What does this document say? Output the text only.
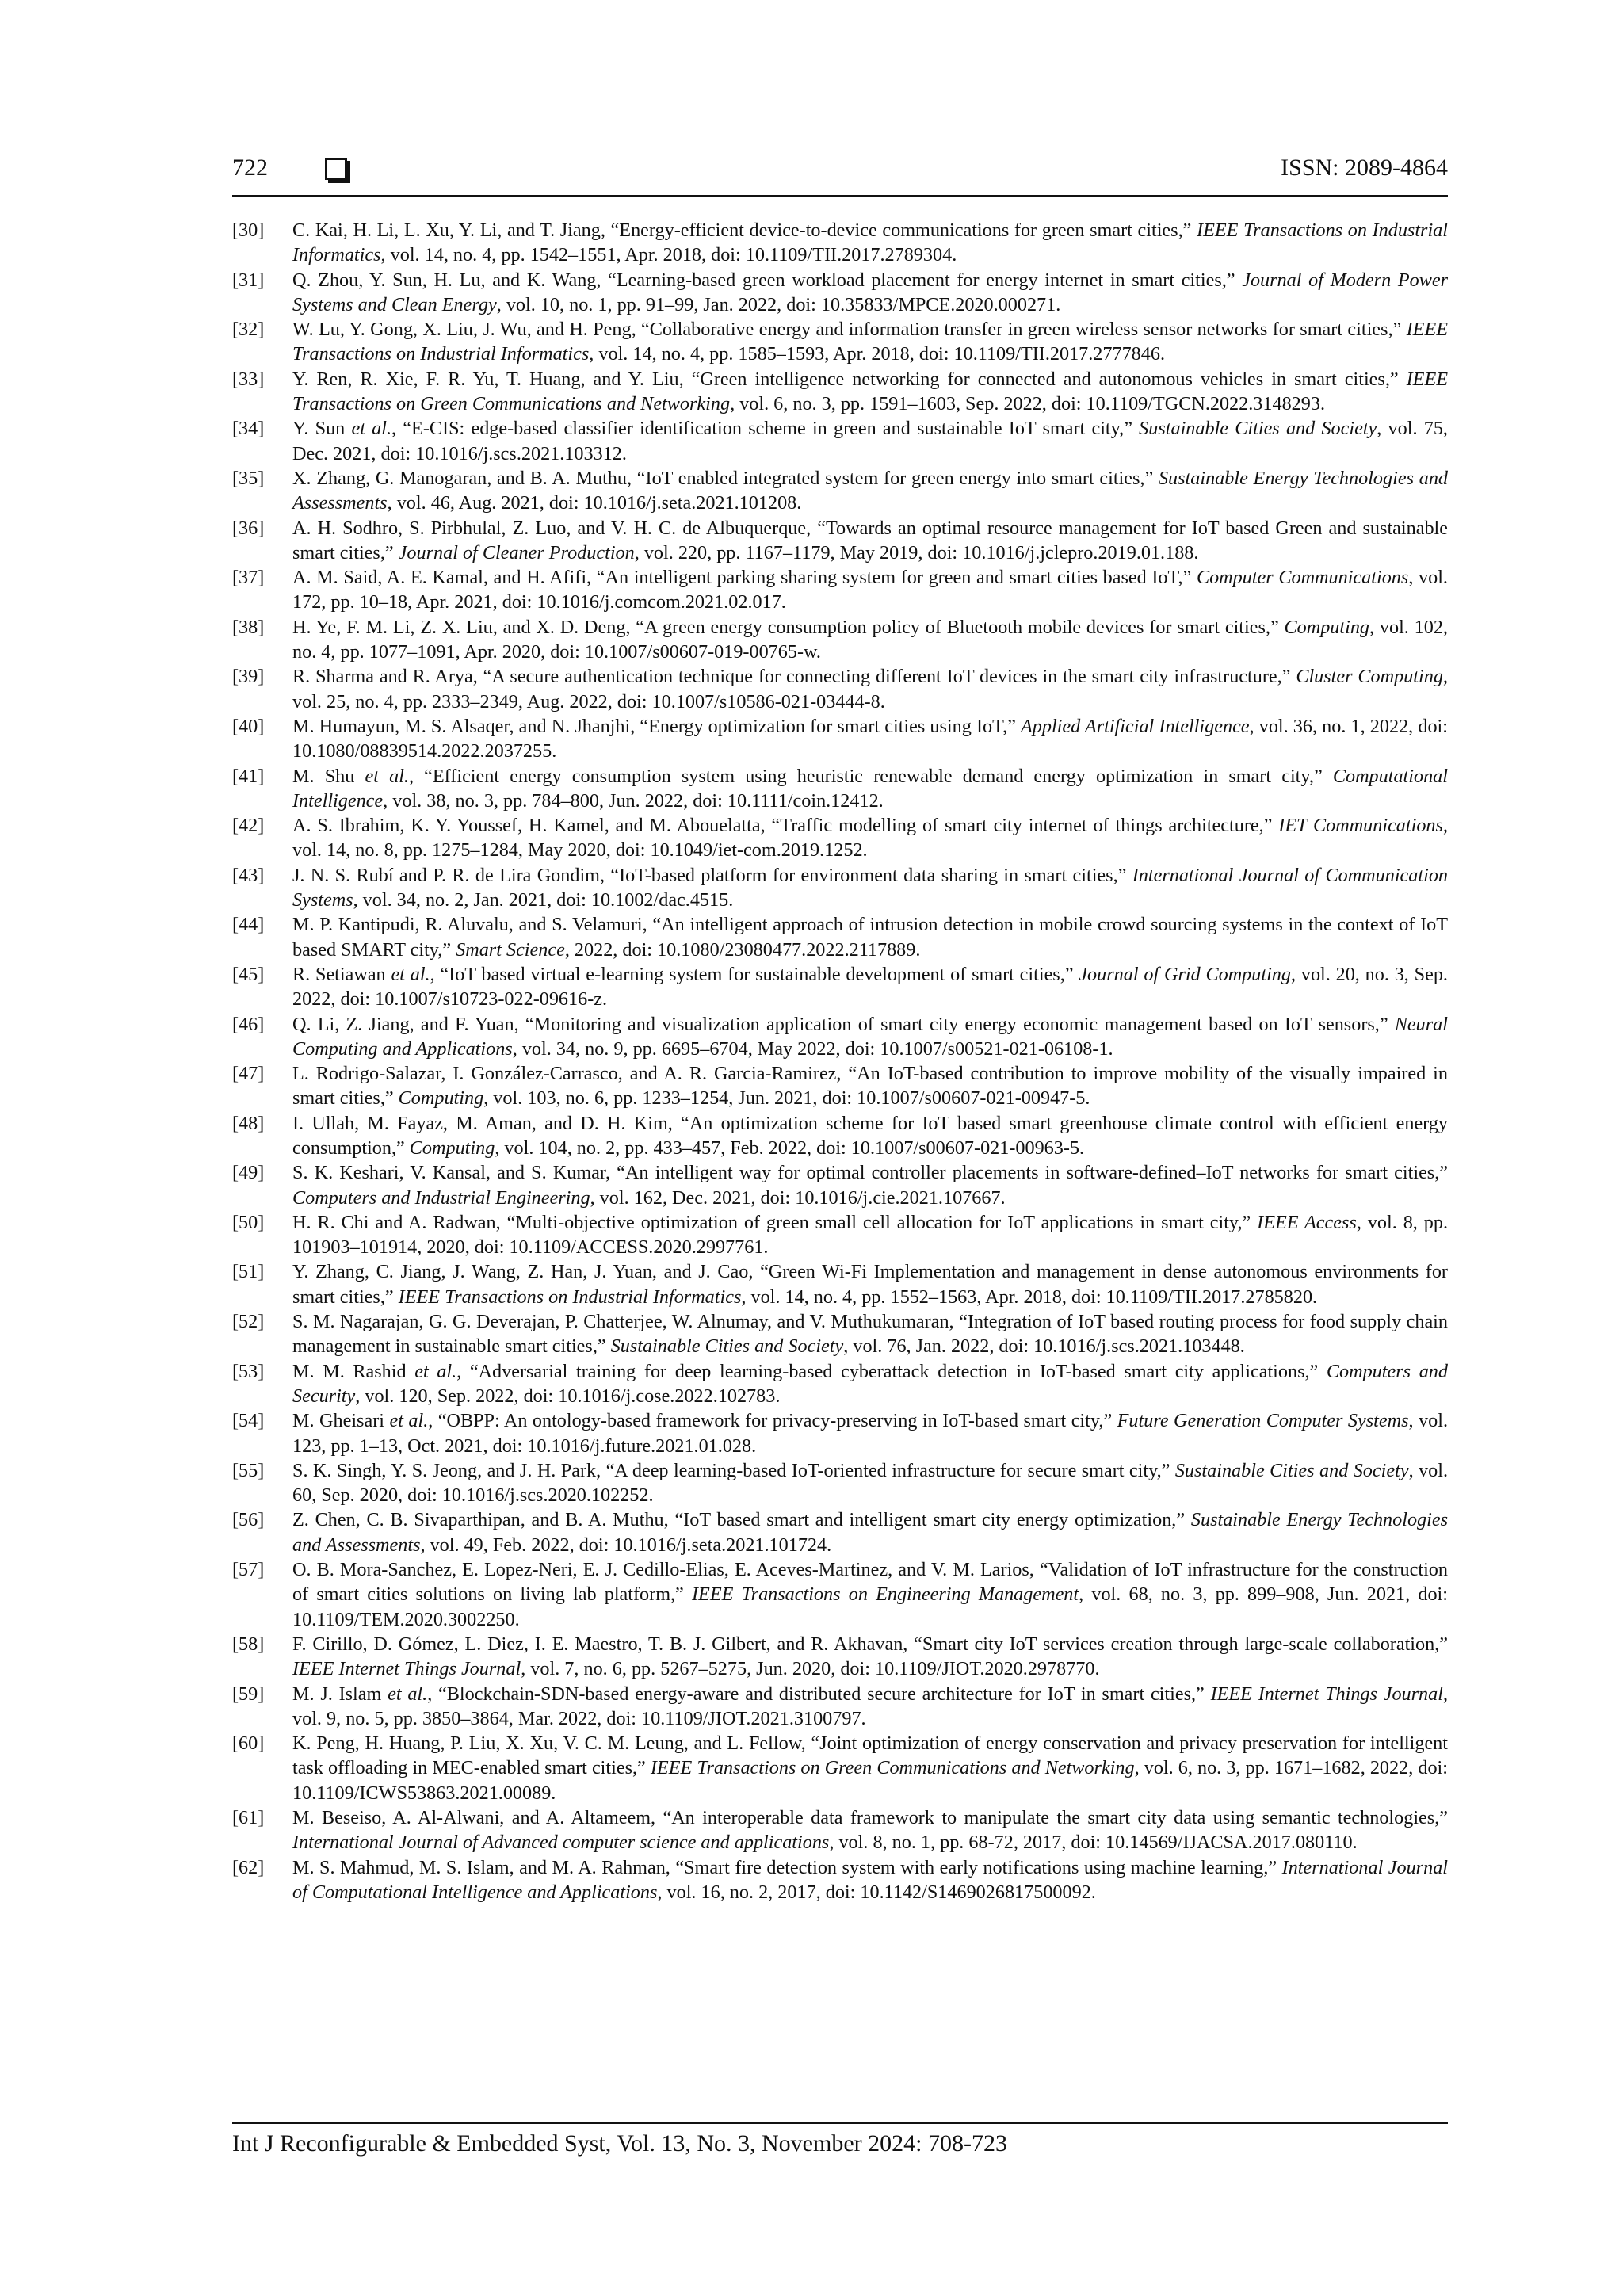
722	ISSN: 2089-4864
[30]	C. Kai, H. Li, L. Xu, Y. Li, and T. Jiang, “Energy-efficient device-to-device communications for green smart cities,” IEEE Transactions on Industrial Informatics, vol. 14, no. 4, pp. 1542–1551, Apr. 2018, doi: 10.1109/TII.2017.2789304.
[31]	Q. Zhou, Y. Sun, H. Lu, and K. Wang, “Learning-based green workload placement for energy internet in smart cities,” Journal of Modern Power Systems and Clean Energy, vol. 10, no. 1, pp. 91–99, Jan. 2022, doi: 10.35833/MPCE.2020.000271.
[32]	W. Lu, Y. Gong, X. Liu, J. Wu, and H. Peng, “Collaborative energy and information transfer in green wireless sensor networks for smart cities,” IEEE Transactions on Industrial Informatics, vol. 14, no. 4, pp. 1585–1593, Apr. 2018, doi: 10.1109/TII.2017.2777846.
[33]	Y. Ren, R. Xie, F. R. Yu, T. Huang, and Y. Liu, “Green intelligence networking for connected and autonomous vehicles in smart cities,” IEEE Transactions on Green Communications and Networking, vol. 6, no. 3, pp. 1591–1603, Sep. 2022, doi: 10.1109/TGCN.2022.3148293.
[34]	Y. Sun et al., “E-CIS: edge-based classifier identification scheme in green and sustainable IoT smart city,” Sustainable Cities and Society, vol. 75, Dec. 2021, doi: 10.1016/j.scs.2021.103312.
[35]	X. Zhang, G. Manogaran, and B. A. Muthu, “IoT enabled integrated system for green energy into smart cities,” Sustainable Energy Technologies and Assessments, vol. 46, Aug. 2021, doi: 10.1016/j.seta.2021.101208.
[36]	A. H. Sodhro, S. Pirbhulal, Z. Luo, and V. H. C. de Albuquerque, “Towards an optimal resource management for IoT based Green and sustainable smart cities,” Journal of Cleaner Production, vol. 220, pp. 1167–1179, May 2019, doi: 10.1016/j.jclepro.2019.01.188.
[37]	A. M. Said, A. E. Kamal, and H. Afifi, “An intelligent parking sharing system for green and smart cities based IoT,” Computer Communications, vol. 172, pp. 10–18, Apr. 2021, doi: 10.1016/j.comcom.2021.02.017.
[38]	H. Ye, F. M. Li, Z. X. Liu, and X. D. Deng, “A green energy consumption policy of Bluetooth mobile devices for smart cities,” Computing, vol. 102, no. 4, pp. 1077–1091, Apr. 2020, doi: 10.1007/s00607-019-00765-w.
[39]	R. Sharma and R. Arya, “A secure authentication technique for connecting different IoT devices in the smart city infrastructure,” Cluster Computing, vol. 25, no. 4, pp. 2333–2349, Aug. 2022, doi: 10.1007/s10586-021-03444-8.
[40]	M. Humayun, M. S. Alsaqer, and N. Jhanjhi, “Energy optimization for smart cities using IoT,” Applied Artificial Intelligence, vol. 36, no. 1, 2022, doi: 10.1080/08839514.2022.2037255.
[41]	M. Shu et al., “Efficient energy consumption system using heuristic renewable demand energy optimization in smart city,” Computational Intelligence, vol. 38, no. 3, pp. 784–800, Jun. 2022, doi: 10.1111/coin.12412.
[42]	A. S. Ibrahim, K. Y. Youssef, H. Kamel, and M. Abouelatta, “Traffic modelling of smart city internet of things architecture,” IET Communications, vol. 14, no. 8, pp. 1275–1284, May 2020, doi: 10.1049/iet-com.2019.1252.
[43]	J. N. S. Rubí and P. R. de Lira Gondim, “IoT-based platform for environment data sharing in smart cities,” International Journal of Communication Systems, vol. 34, no. 2, Jan. 2021, doi: 10.1002/dac.4515.
[44]	M. P. Kantipudi, R. Aluvalu, and S. Velamuri, “An intelligent approach of intrusion detection in mobile crowd sourcing systems in the context of IoT based SMART city,” Smart Science, 2022, doi: 10.1080/23080477.2022.2117889.
[45]	R. Setiawan et al., “IoT based virtual e-learning system for sustainable development of smart cities,” Journal of Grid Computing, vol. 20, no. 3, Sep. 2022, doi: 10.1007/s10723-022-09616-z.
[46]	Q. Li, Z. Jiang, and F. Yuan, “Monitoring and visualization application of smart city energy economic management based on IoT sensors,” Neural Computing and Applications, vol. 34, no. 9, pp. 6695–6704, May 2022, doi: 10.1007/s00521-021-06108-1.
[47]	L. Rodrigo-Salazar, I. González-Carrasco, and A. R. Garcia-Ramirez, “An IoT-based contribution to improve mobility of the visually impaired in smart cities,” Computing, vol. 103, no. 6, pp. 1233–1254, Jun. 2021, doi: 10.1007/s00607-021-00947-5.
[48]	I. Ullah, M. Fayaz, M. Aman, and D. H. Kim, “An optimization scheme for IoT based smart greenhouse climate control with efficient energy consumption,” Computing, vol. 104, no. 2, pp. 433–457, Feb. 2022, doi: 10.1007/s00607-021-00963-5.
[49]	S. K. Keshari, V. Kansal, and S. Kumar, “An intelligent way for optimal controller placements in software-defined–IoT networks for smart cities,” Computers and Industrial Engineering, vol. 162, Dec. 2021, doi: 10.1016/j.cie.2021.107667.
[50]	H. R. Chi and A. Radwan, “Multi-objective optimization of green small cell allocation for IoT applications in smart city,” IEEE Access, vol. 8, pp. 101903–101914, 2020, doi: 10.1109/ACCESS.2020.2997761.
[51]	Y. Zhang, C. Jiang, J. Wang, Z. Han, J. Yuan, and J. Cao, “Green Wi-Fi Implementation and management in dense autonomous environments for smart cities,” IEEE Transactions on Industrial Informatics, vol. 14, no. 4, pp. 1552–1563, Apr. 2018, doi: 10.1109/TII.2017.2785820.
[52]	S. M. Nagarajan, G. G. Deverajan, P. Chatterjee, W. Alnumay, and V. Muthukumaran, “Integration of IoT based routing process for food supply chain management in sustainable smart cities,” Sustainable Cities and Society, vol. 76, Jan. 2022, doi: 10.1016/j.scs.2021.103448.
[53]	M. M. Rashid et al., “Adversarial training for deep learning-based cyberattack detection in IoT-based smart city applications,” Computers and Security, vol. 120, Sep. 2022, doi: 10.1016/j.cose.2022.102783.
[54]	M. Gheisari et al., “OBPP: An ontology-based framework for privacy-preserving in IoT-based smart city,” Future Generation Computer Systems, vol. 123, pp. 1–13, Oct. 2021, doi: 10.1016/j.future.2021.01.028.
[55]	S. K. Singh, Y. S. Jeong, and J. H. Park, “A deep learning-based IoT-oriented infrastructure for secure smart city,” Sustainable Cities and Society, vol. 60, Sep. 2020, doi: 10.1016/j.scs.2020.102252.
[56]	Z. Chen, C. B. Sivaparthipan, and B. A. Muthu, “IoT based smart and intelligent smart city energy optimization,” Sustainable Energy Technologies and Assessments, vol. 49, Feb. 2022, doi: 10.1016/j.seta.2021.101724.
[57]	O. B. Mora-Sanchez, E. Lopez-Neri, E. J. Cedillo-Elias, E. Aceves-Martinez, and V. M. Larios, “Validation of IoT infrastructure for the construction of smart cities solutions on living lab platform,” IEEE Transactions on Engineering Management, vol. 68, no. 3, pp. 899–908, Jun. 2021, doi: 10.1109/TEM.2020.3002250.
[58]	F. Cirillo, D. Gómez, L. Diez, I. E. Maestro, T. B. J. Gilbert, and R. Akhavan, “Smart city IoT services creation through large-scale collaboration,” IEEE Internet Things Journal, vol. 7, no. 6, pp. 5267–5275, Jun. 2020, doi: 10.1109/JIOT.2020.2978770.
[59]	M. J. Islam et al., “Blockchain-SDN-based energy-aware and distributed secure architecture for IoT in smart cities,” IEEE Internet Things Journal, vol. 9, no. 5, pp. 3850–3864, Mar. 2022, doi: 10.1109/JIOT.2021.3100797.
[60]	K. Peng, H. Huang, P. Liu, X. Xu, V. C. M. Leung, and L. Fellow, “Joint optimization of energy conservation and privacy preservation for intelligent task offloading in MEC-enabled smart cities,” IEEE Transactions on Green Communications and Networking, vol. 6, no. 3, pp. 1671–1682, 2022, doi: 10.1109/ICWS53863.2021.00089.
[61]	M. Beseiso, A. Al-Alwani, and A. Altameem, “An interoperable data framework to manipulate the smart city data using semantic technologies,” International Journal of Advanced computer science and applications, vol. 8, no. 1, pp. 68-72, 2017, doi: 10.14569/IJACSA.2017.080110.
[62]	M. S. Mahmud, M. S. Islam, and M. A. Rahman, “Smart fire detection system with early notifications using machine learning,” International Journal of Computational Intelligence and Applications, vol. 16, no. 2, 2017, doi: 10.1142/S1469026817500092.
Int J Reconfigurable & Embedded Syst, Vol. 13, No. 3, November 2024: 708-723
